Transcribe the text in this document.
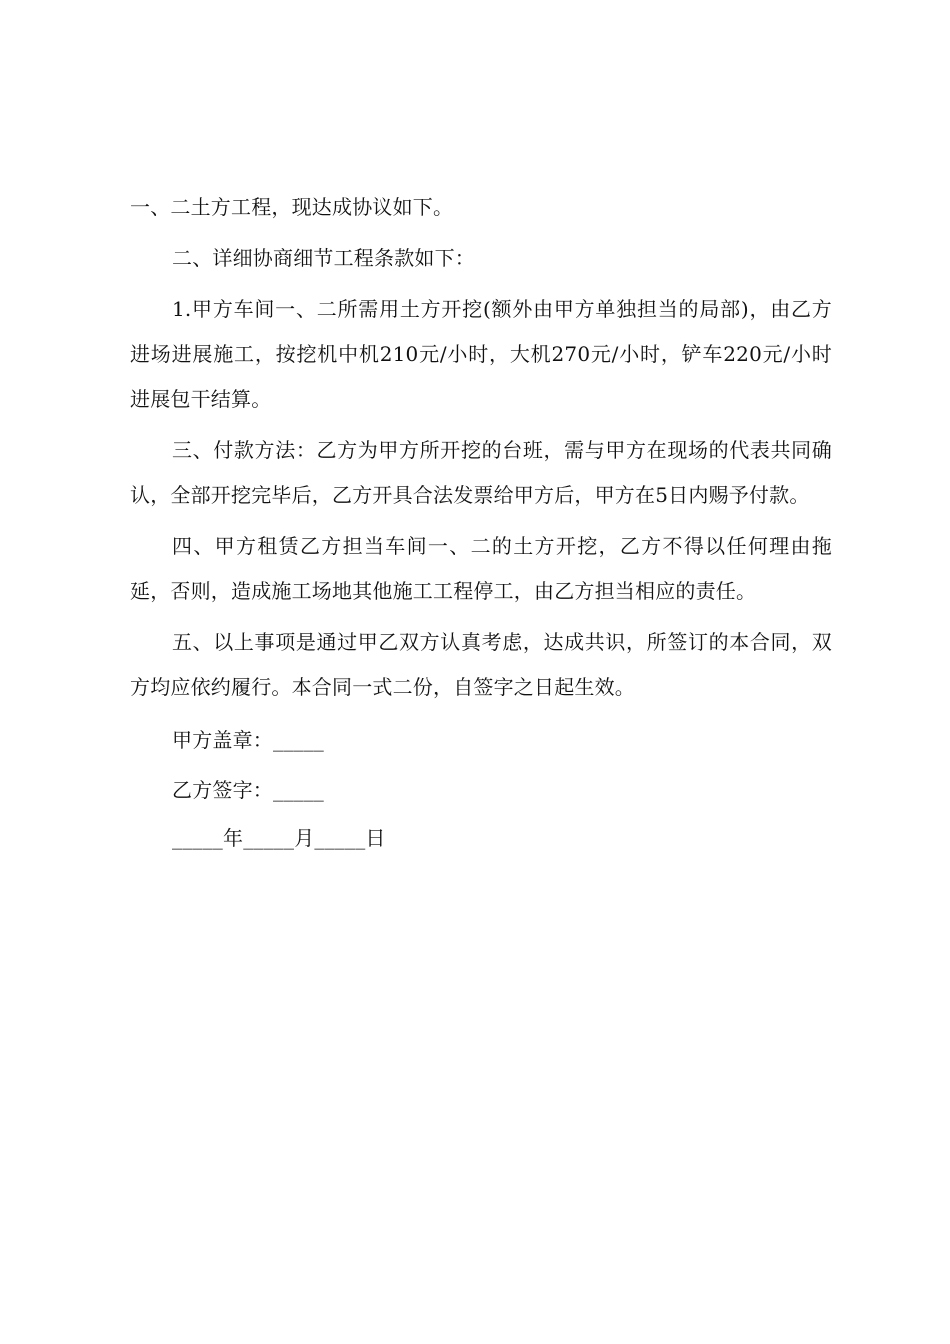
一、二土方工程，现达成协议如下。

二、详细协商细节工程条款如下：

1.甲方车间一、二所需用土方开挖(额外由甲方单独担当的局部)，由乙方进场进展施工，按挖机中机210元/小时，大机270元/小时，铲车220元/小时进展包干结算。

三、付款方法：乙方为甲方所开挖的台班，需与甲方在现场的代表共同确认，全部开挖完毕后，乙方开具合法发票给甲方后，甲方在5日内赐予付款。

四、甲方租赁乙方担当车间一、二的土方开挖，乙方不得以任何理由拖延，否则，造成施工场地其他施工工程停工，由乙方担当相应的责任。

五、以上事项是通过甲乙双方认真考虑，达成共识，所签订的本合同，双方均应依约履行。本合同一式二份，自签字之日起生效。

甲方盖章：_____
乙方签字：_____
_____年_____月_____日
